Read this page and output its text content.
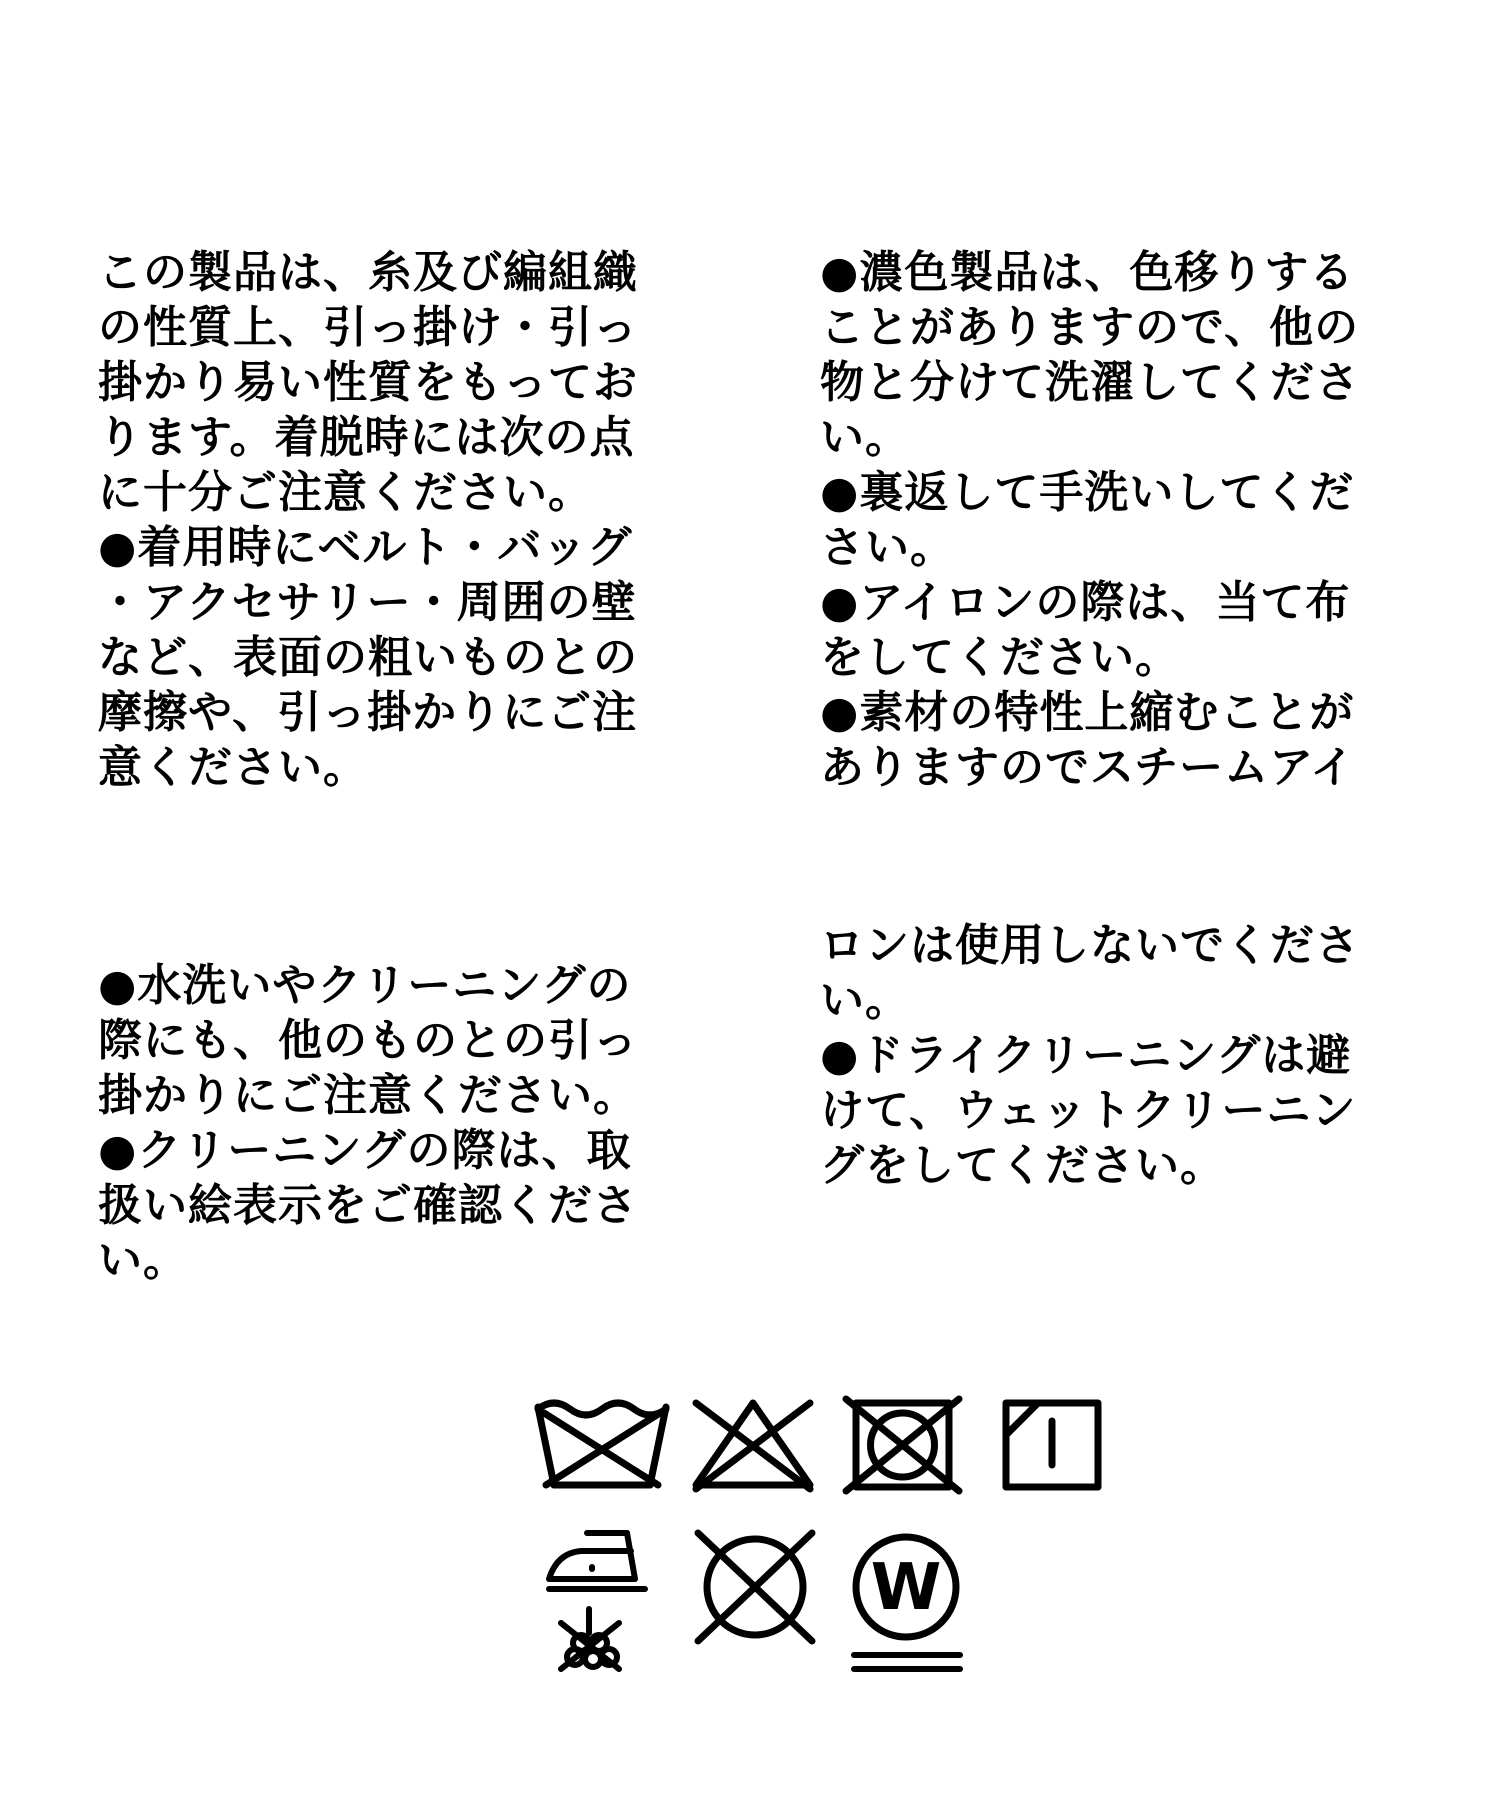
この製品は、糸及び編組織
の性質上、引っ掛け・引っ
掛かり易い性質をもってお
ります。着脱時には次の点
に十分ご注意ください。
●着用時にベルト・バッグ
・アクセサリー・周囲の壁
など、表面の粗いものとの
摩擦や、引っ掛かりにご注
意ください。
●濃色製品は、色移りする
ことがありますので、他の
物と分けて洗濯してくださ
い。
●裏返して手洗いしてくだ
さい。
●アイロンの際は、当て布
をしてください。
●素材の特性上縮むことが
ありますのでスチームアイ
●水洗いやクリーニングの
際にも、他のものとの引っ
掛かりにご注意ください。
●クリーニングの際は、取
扱い絵表示をご確認くださ
い。
ロンは使用しないでくださ
い。
●ドライクリーニングは避
けて、ウェットクリーニン
グをしてください。
W
